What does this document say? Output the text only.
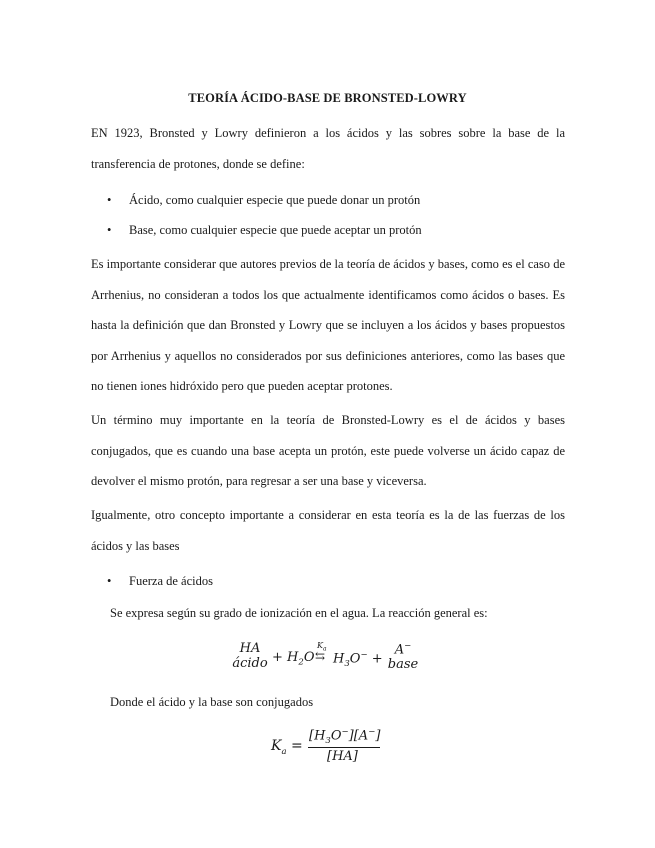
TEORÍA ÁCIDO-BASE DE BRONSTED-LOWRY

EN 1923, Bronsted y Lowry definieron a los ácidos y las sobres sobre la base de la transferencia de protones, donde se define:

• Ácido, como cualquier especie que puede donar un protón
• Base, como cualquier especie que puede aceptar un protón

Es importante considerar que autores previos de la teoría de ácidos y bases, como es el caso de Arrhenius, no consideran a todos los que actualmente identificamos como ácidos o bases. Es hasta la definición que dan Bronsted y Lowry que se incluyen a los ácidos y bases propuestos por Arrhenius y aquellos no considerados por sus definiciones anteriores, como las bases que no tienen iones hidróxido pero que pueden aceptar protones.

Un término muy importante en la teoría de Bronsted-Lowry es el de ácidos y bases conjugados, que es cuando una base acepta un protón, este puede volverse un ácido capaz de devolver el mismo protón, para regresar a ser una base y viceversa.

Igualmente, otro concepto importante a considerar en esta teoría es la de las fuerzas de los ácidos y las bases

• Fuerza de ácidos
Se expresa según su grado de ionización en el agua. La reacción general es:
HA
ácido + $H_2O$
$K_a$
⇆ $H_3O^-$ +
A−
base
Donde el ácido y la base son conjugados
$K_a$ =
$[H_3O^-][A^-]$
[HA]
